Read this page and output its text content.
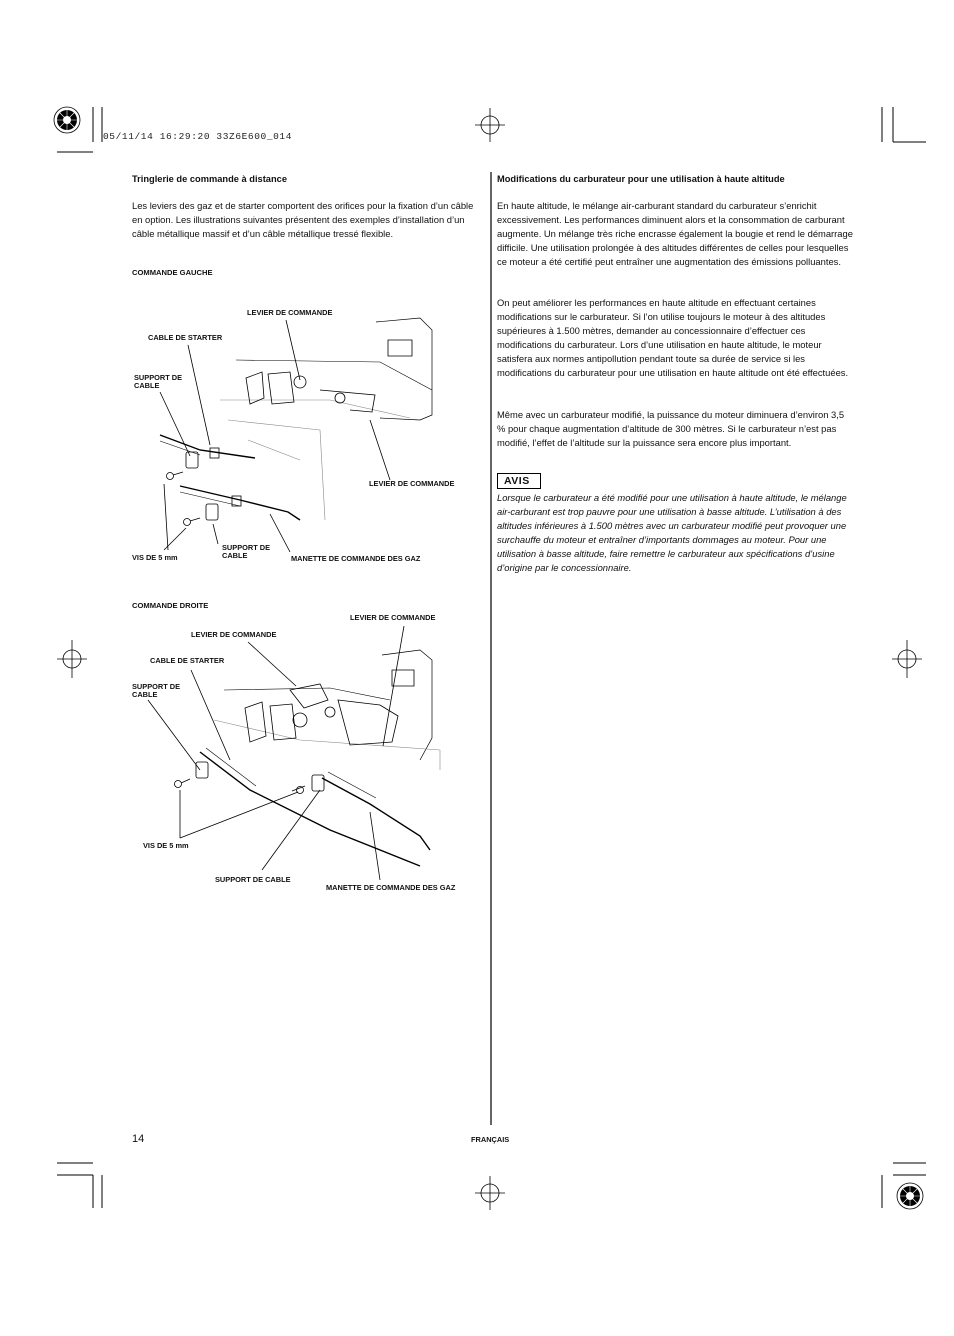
05/11/14 16:29:20 33Z6E600_014
Tringlerie de commande à distance

Les leviers des gaz et de starter comportent des orifices pour la fixation d’un câble en option. Les illustrations suivantes présentent des exemples d’installation d’un câble métallique massif et d’un câble métallique tressé flexible.

COMMANDE GAUCHE
LEVIER DE COMMANDE
CABLE DE STARTER
SUPPORT DE CABLE
LEVIER DE COMMANDE
SUPPORT DE CABLE
VIS DE 5 mm	MANETTE DE COMMANDE DES GAZ
COMMANDE DROITE
LEVIER DE COMMANDE
LEVIER DE COMMANDE
CABLE DE STARTER
SUPPORT DE CABLE
VIS DE 5 mm
SUPPORT DE CABLE
MANETTE DE COMMANDE DES GAZ
Modifications du carburateur pour une utilisation à haute altitude

En haute altitude, le mélange air-carburant standard du carburateur s’enrichit excessivement. Les performances diminuent alors et la consommation de carburant augmente. Un mélange très riche encrasse également la bougie et rend le démarrage difficile. Une utilisation prolongée à des altitudes différentes de celles pour lesquelles ce moteur a été certifié peut entraîner une augmentation des émissions polluantes.

On peut améliorer les performances en haute altitude en effectuant certaines modifications sur le carburateur. Si l’on utilise toujours le moteur à des altitudes supérieures à 1.500 mètres, demander au concessionnaire d’effectuer ces modifications du carburateur. Lors d’une utilisation en haute altitude, le moteur satisfera aux normes antipollution pendant toute sa durée de service si les modifications du carburateur pour une utilisation en haute altitude ont été effectuées.

Même avec un carburateur modifié, la puissance du moteur diminuera d’environ 3,5 % pour chaque augmentation d’altitude de 300 mètres. Si le carburateur n’est pas modifié, l’effet de l’altitude sur la puissance sera encore plus important.

AVIS

Lorsque le carburateur a été modifié pour une utilisation à haute altitude, le mélange air-carburant est trop pauvre pour une utilisation à basse altitude. L’utilisation à des altitudes inférieures à 1.500 mètres avec un carburateur modifié peut provoquer une surchauffe du moteur et entraîner d’importants dommages au moteur. Pour une utilisation à basse altitude, faire remettre le carburateur aux spécifications d’usine d’origine par le concessionnaire.

14	FRANÇAIS
